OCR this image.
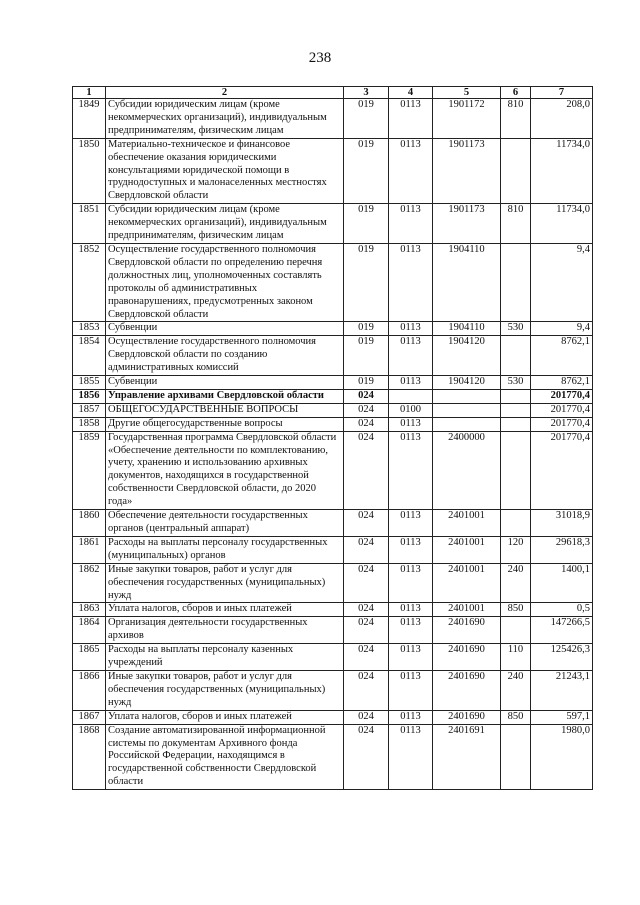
238
1	2	3	4	5	6	7
1849	Субсидии юридическим лицам (кроме некоммерческих организаций), индивидуальным предпринимателям, физическим лицам	019	0113	1901172	810	208,0
1850	Материально-техническое и финансовое обеспечение оказания юридическими консультациями юридической помощи в труднодоступных и малонаселенных местностях Свердловской области	019	0113	1901173		11734,0
1851	Субсидии юридическим лицам (кроме некоммерческих организаций), индивидуальным предпринимателям, физическим лицам	019	0113	1901173	810	11734,0
1852	Осуществление государственного полномочия Свердловской области по определению перечня должностных лиц, уполномоченных составлять протоколы об административных правонарушениях, предусмотренных законом Свердловской области	019	0113	1904110		9,4
1853	Субвенции	019	0113	1904110	530	9,4
1854	Осуществление государственного полномочия Свердловской области по созданию административных комиссий	019	0113	1904120		8762,1
1855	Субвенции	019	0113	1904120	530	8762,1
1856	Управление архивами Свердловской области	024				201770,4
1857	ОБЩЕГОСУДАРСТВЕННЫЕ ВОПРОСЫ	024	0100			201770,4
1858	Другие общегосударственные вопросы	024	0113			201770,4
1859	Государственная программа Свердловской области «Обеспечение деятельности по комплектованию, учету, хранению и использованию архивных документов, находящихся в государственной собственности Свердловской области, до 2020 года»	024	0113	2400000		201770,4
1860	Обеспечение деятельности государственных органов (центральный аппарат)	024	0113	2401001		31018,9
1861	Расходы на выплаты персоналу государственных (муниципальных) органов	024	0113	2401001	120	29618,3
1862	Иные закупки товаров, работ и услуг для обеспечения государственных (муниципальных) нужд	024	0113	2401001	240	1400,1
1863	Уплата налогов, сборов и иных платежей	024	0113	2401001	850	0,5
1864	Организация деятельности государственных архивов	024	0113	2401690		147266,5
1865	Расходы на выплаты персоналу казенных учреждений	024	0113	2401690	110	125426,3
1866	Иные закупки товаров, работ и услуг для обеспечения государственных (муниципальных) нужд	024	0113	2401690	240	21243,1
1867	Уплата налогов, сборов и иных платежей	024	0113	2401690	850	597,1
1868	Создание автоматизированной информационной системы по документам Архивного фонда Российской Федерации, находящимся в государственной собственности Свердловской области	024	0113	2401691		1980,0
